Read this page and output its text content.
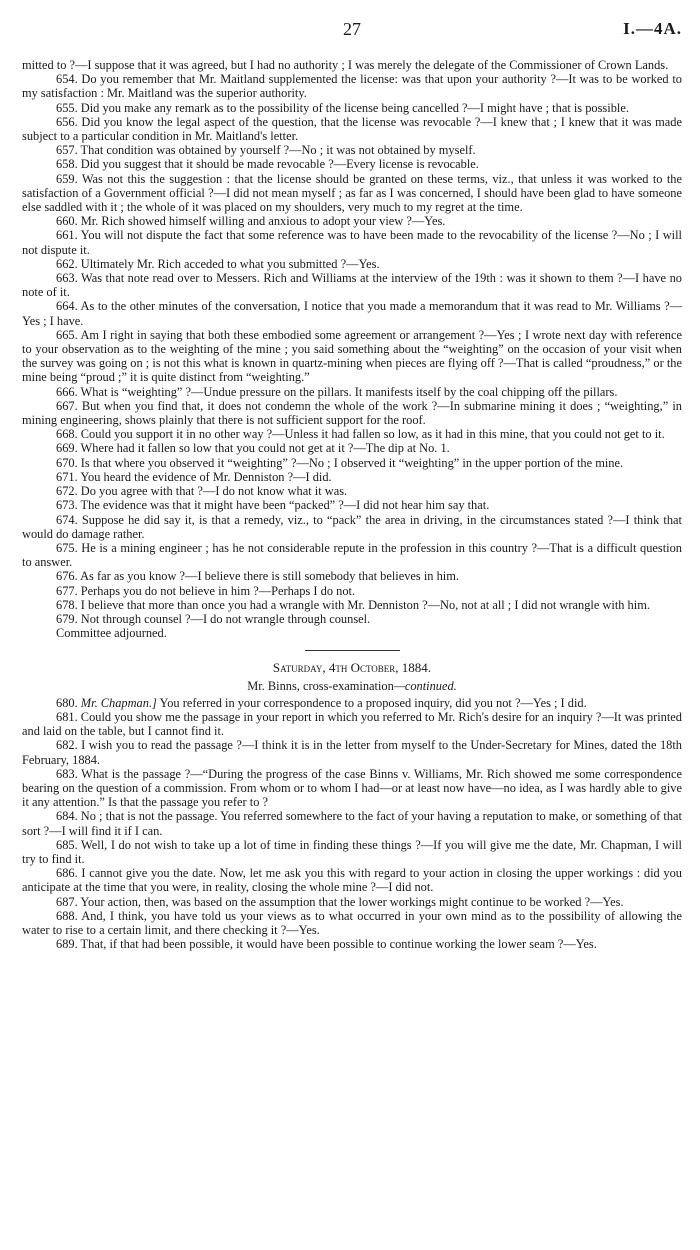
27	I.—4A.

mitted to ?—I suppose that it was agreed, but I had no authority ; I was merely the delegate of the Commissioner of Crown Lands.

654. Do you remember that Mr. Maitland supplemented the license: was that upon your authority ?—It was to be worked to my satisfaction : Mr. Maitland was the superior authority.

655. Did you make any remark as to the possibility of the license being cancelled ?—I might have ; that is possible.

656. Did you know the legal aspect of the question, that the license was revocable ?—I knew that ; I knew that it was made subject to a particular condition in Mr. Maitland's letter.

657. That condition was obtained by yourself ?—No ; it was not obtained by myself.

658. Did you suggest that it should be made revocable ?—Every license is revocable.

659. Was not this the suggestion : that the license should be granted on these terms, viz., that unless it was worked to the satisfaction of a Government official ?—I did not mean myself ; as far as I was concerned, I should have been glad to have someone else saddled with it ; the whole of it was placed on my shoulders, very much to my regret at the time.

660. Mr. Rich showed himself willing and anxious to adopt your view ?—Yes.

661. You will not dispute the fact that some reference was to have been made to the revocability of the license ?—No ; I will not dispute it.

662. Ultimately Mr. Rich acceded to what you submitted ?—Yes.

663. Was that note read over to Messers. Rich and Williams at the interview of the 19th : was it shown to them ?—I have no note of it.

664. As to the other minutes of the conversation, I notice that you made a memorandum that it was read to Mr. Williams ?—Yes ; I have.

665. Am I right in saying that both these embodied some agreement or arrangement ?—Yes ; I wrote next day with reference to your observation as to the weighting of the mine ; you said something about the “weighting” on the occasion of your visit when the survey was going on ; is not this what is known in quartz-mining when pieces are flying off ?—That is called “proudness,” or the mine being “proud ;” it is quite distinct from “weighting.”

666. What is “weighting” ?—Undue pressure on the pillars. It manifests itself by the coal chipping off the pillars.

667. But when you find that, it does not condemn the whole of the work ?—In submarine mining it does ; “weighting,” in mining engineering, shows plainly that there is not sufficient support for the roof.

668. Could you support it in no other way ?—Unless it had fallen so low, as it had in this mine, that you could not get to it.

669. Where had it fallen so low that you could not get at it ?—The dip at No. 1.

670. Is that where you observed it “weighting” ?—No ; I observed it “weighting” in the upper portion of the mine.

671. You heard the evidence of Mr. Denniston ?—I did.

672. Do you agree with that ?—I do not know what it was.

673. The evidence was that it might have been “packed” ?—I did not hear him say that.

674. Suppose he did say it, is that a remedy, viz., to “pack” the area in driving, in the circumstances stated ?—I think that would do damage rather.

675. He is a mining engineer ; has he not considerable repute in the profession in this country ?—That is a difficult question to answer.

676. As far as you know ?—I believe there is still somebody that believes in him.

677. Perhaps you do not believe in him ?—Perhaps I do not.

678. I believe that more than once you had a wrangle with Mr. Denniston ?—No, not at all ; I did not wrangle with him.

679. Not through counsel ?—I do not wrangle through counsel.

Committee adjourned.

Saturday, 4th October, 1884.

Mr. Binns, cross-examination—continued.

680. Mr. Chapman.] You referred in your correspondence to a proposed inquiry, did you not ?—Yes ; I did.

681. Could you show me the passage in your report in which you referred to Mr. Rich's desire for an inquiry ?—It was printed and laid on the table, but I cannot find it.

682. I wish you to read the passage ?—I think it is in the letter from myself to the Under-Secretary for Mines, dated the 18th February, 1884.

683. What is the passage ?—“During the progress of the case Binns v. Williams, Mr. Rich showed me some correspondence bearing on the question of a commission. From whom or to whom I had—or at least now have—no idea, as I was hardly able to give it any attention.” Is that the passage you refer to ?

684. No ; that is not the passage. You referred somewhere to the fact of your having a reputation to make, or something of that sort ?—I will find it if I can.

685. Well, I do not wish to take up a lot of time in finding these things ?—If you will give me the date, Mr. Chapman, I will try to find it.

686. I cannot give you the date. Now, let me ask you this with regard to your action in closing the upper workings : did you anticipate at the time that you were, in reality, closing the whole mine ?—I did not.

687. Your action, then, was based on the assumption that the lower workings might continue to be worked ?—Yes.

688. And, I think, you have told us your views as to what occurred in your own mind as to the possibility of allowing the water to rise to a certain limit, and there checking it ?—Yes.

689. That, if that had been possible, it would have been possible to continue working the lower seam ?—Yes.
